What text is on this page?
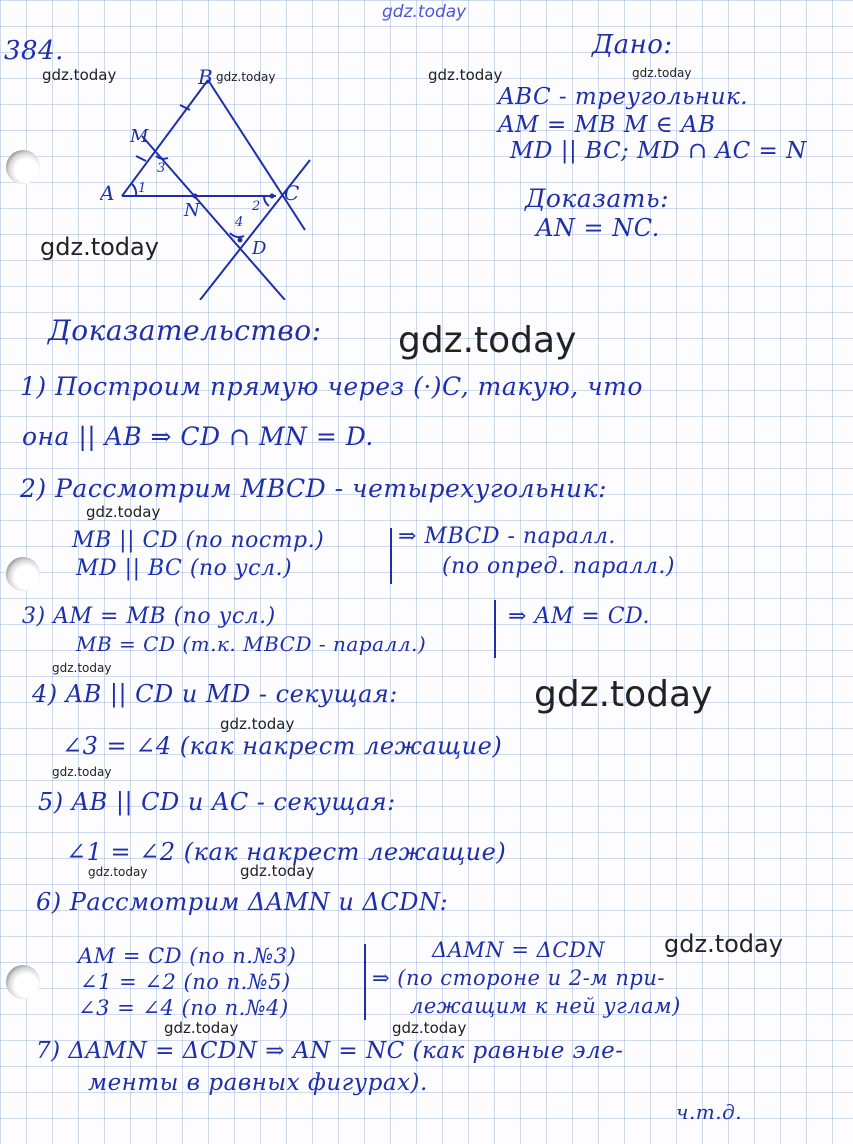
gdz.today
384.
B
M
A
N
C
D
1
2
3
4
Дано:
ABC - треугольник.
AM = MB M ∈ AB
MD || BC; MD ∩ AC = N
Доказать:
AN = NC.
Доказательство:
1) Построим прямую через (·)C, такую, что
она || AB ⇒ CD ∩ MN = D.
2) Рассмотрим MBCD - четырехугольник:
MB || CD (по постр.)
MD || BC (по усл.)
⇒ MBCD - паралл.
(по опред. паралл.)
3) AM = MB (по усл.)
MB = CD (т.к. MBCD - паралл.)
⇒ AM = CD.
4) AB || CD и MD - секущая:
∠3 = ∠4 (как накрест лежащие)
5) AB || CD и AC - секущая:
∠1 = ∠2 (как накрест лежащие)
6) Рассмотрим ΔAMN и ΔCDN:
AM = CD (по п.№3)
∠1 = ∠2 (по п.№5)
∠3 = ∠4 (по п.№4)
ΔAMN = ΔCDN
⇒ (по стороне и 2-м при-
лежащим к ней углам)
7) ΔAMN = ΔCDN ⇒ AN = NC (как равные эле-
менты в равных фигурах).
ч.т.д.
gdz.today	gdz.today	gdz.today	gdz.today
gdz.today
gdz.today
gdz.today
gdz.today
gdz.today
gdz.today
gdz.today
gdz.today	gdz.today
gdz.today
gdz.today	gdz.today
